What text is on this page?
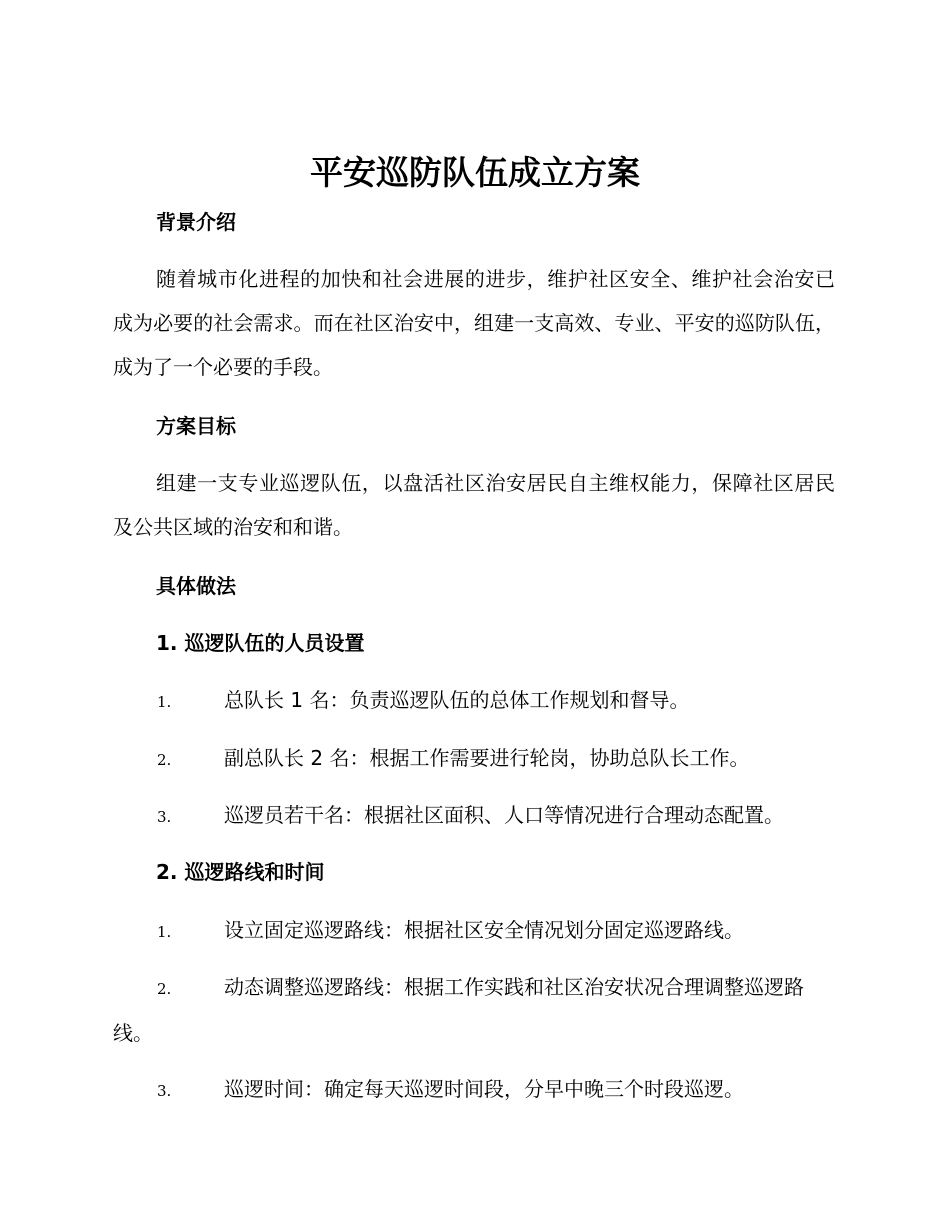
平安巡防队伍成立方案
背景介绍

随着城市化进程的加快和社会进展的进步，维护社区安全、维护社会治安已成为必要的社会需求。而在社区治安中，组建一支高效、专业、平安的巡防队伍，成为了一个必要的手段。

方案目标

组建一支专业巡逻队伍，以盘活社区治安居民自主维权能力，保障社区居民及公共区域的治安和和谐。

具体做法
1. 巡逻队伍的人员设置

1.	总队长 1 名：负责巡逻队伍的总体工作规划和督导。

2.	副总队长 2 名：根据工作需要进行轮岗，协助总队长工作。

3.	巡逻员若干名：根据社区面积、人口等情况进行合理动态配置。

2. 巡逻路线和时间

1.	设立固定巡逻路线：根据社区安全情况划分固定巡逻路线。

2.	动态调整巡逻路线：根据工作实践和社区治安状况合理调整巡逻路线。

3.	巡逻时间：确定每天巡逻时间段，分早中晚三个时段巡逻。
